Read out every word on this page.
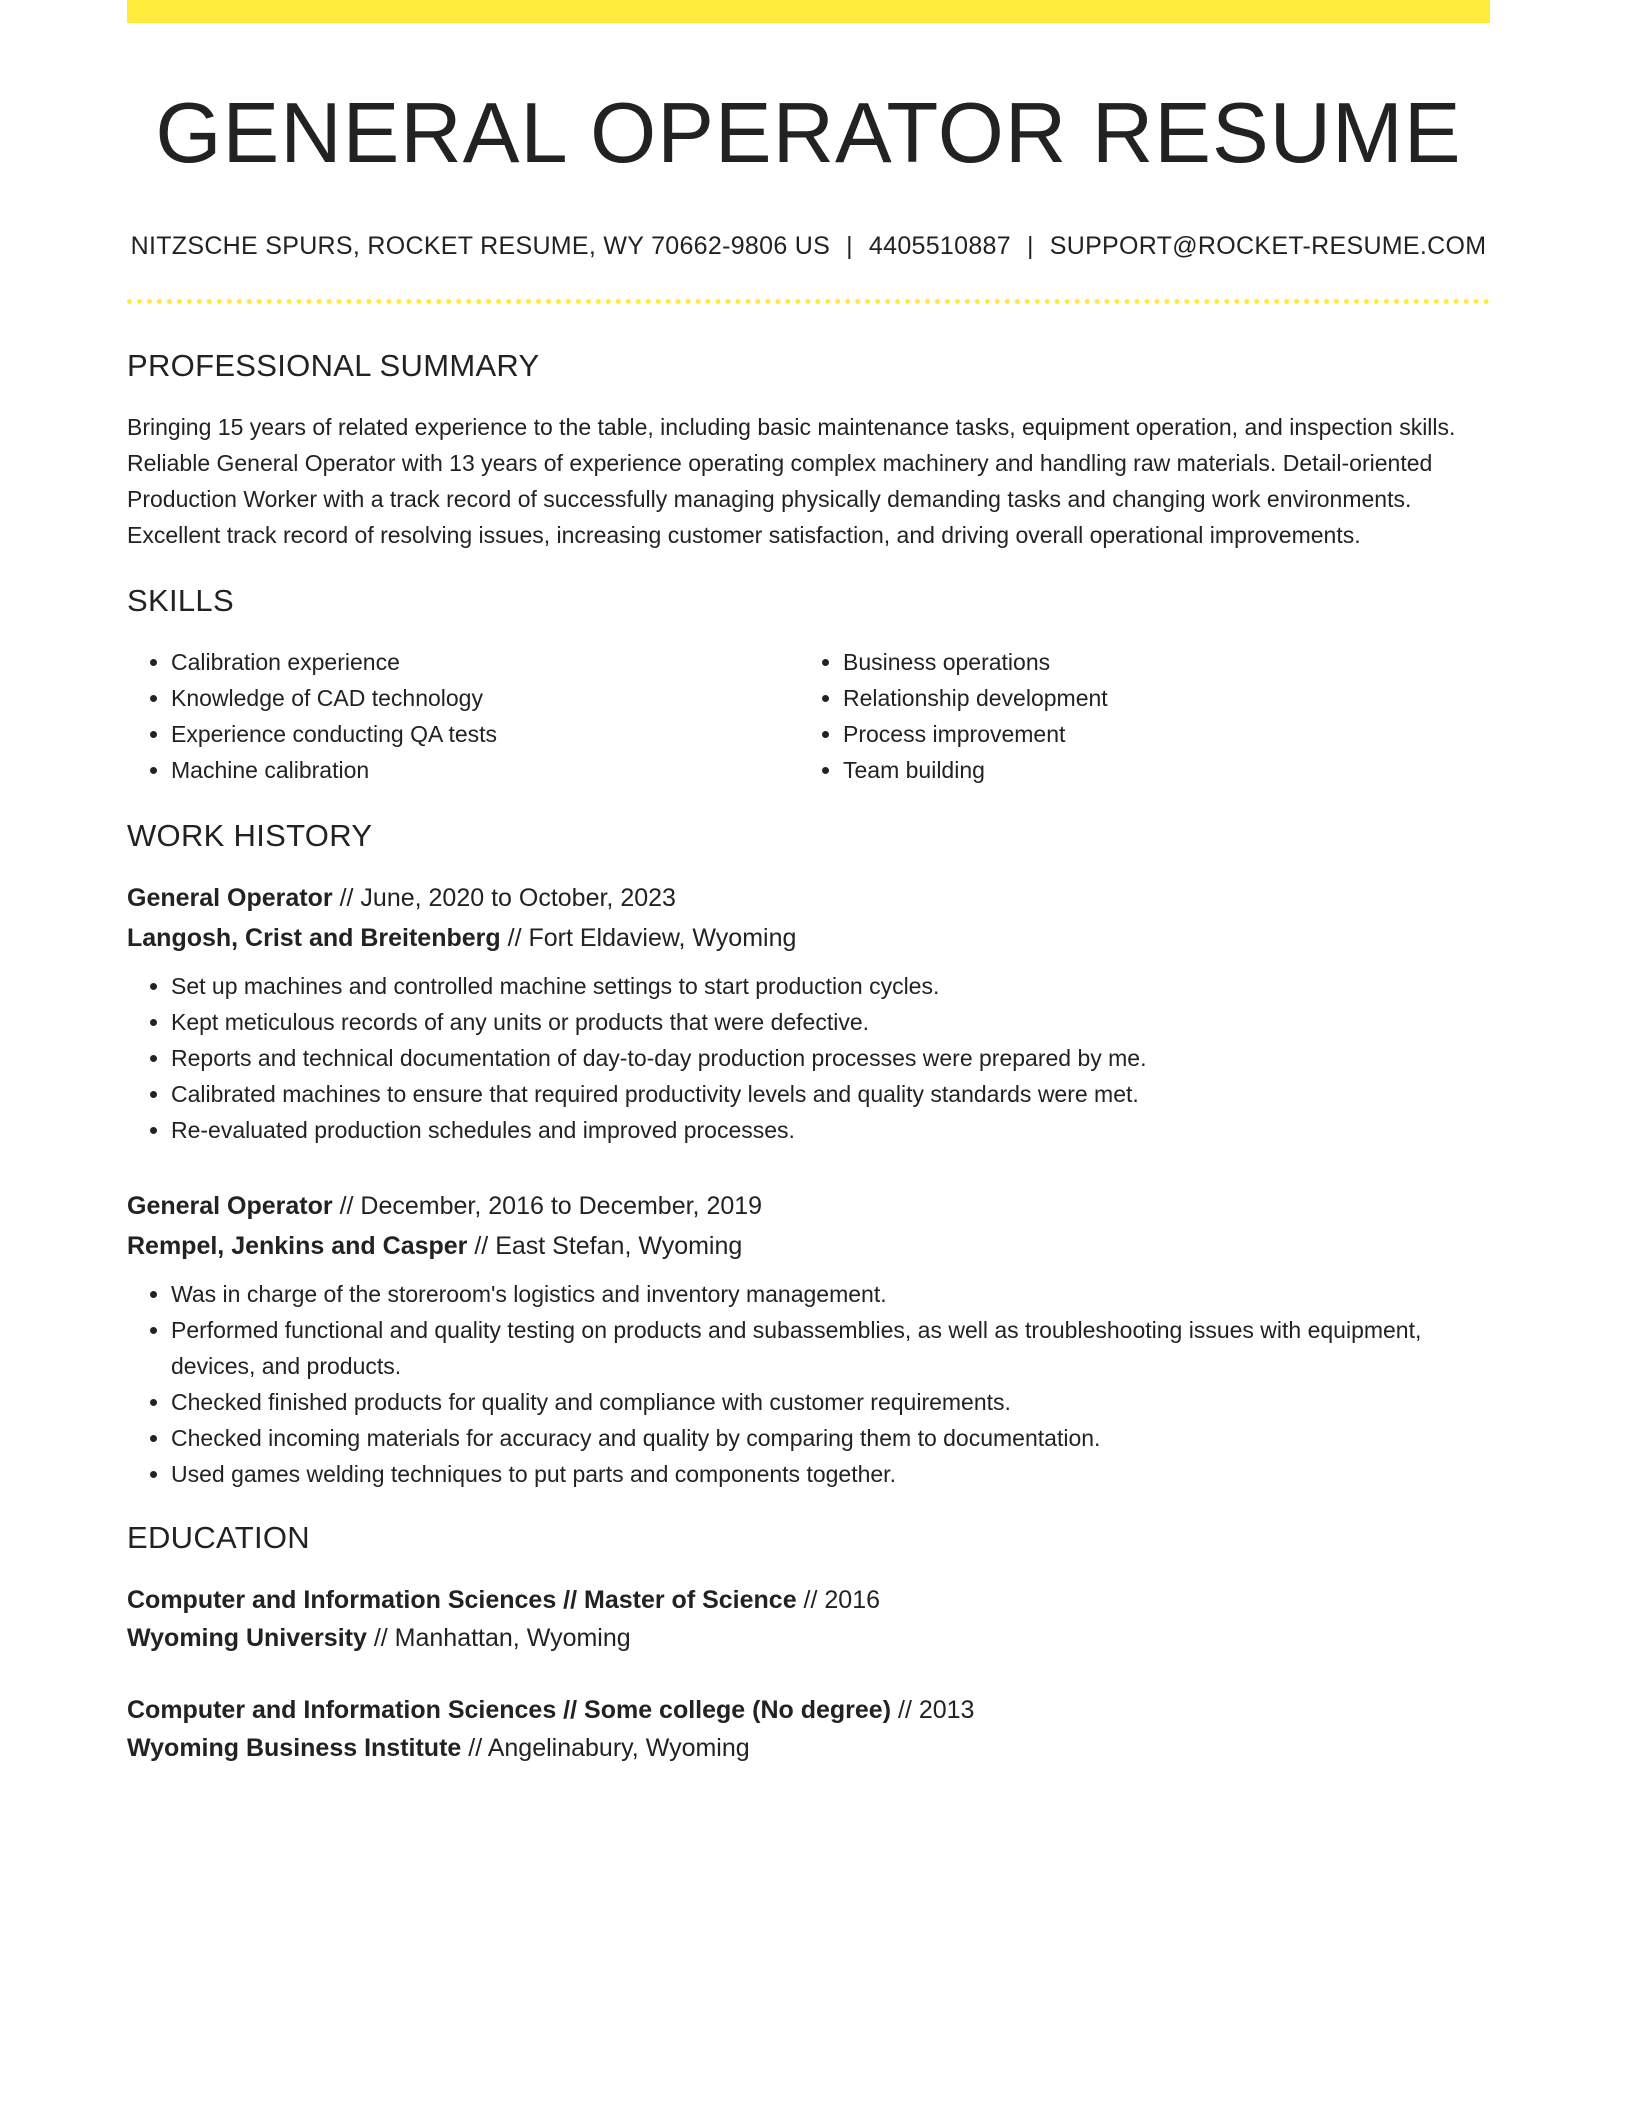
GENERAL OPERATOR RESUME
NITZSCHE SPURS, ROCKET RESUME, WY 70662-9806 US | 4405510887 | SUPPORT@ROCKET-RESUME.COM
PROFESSIONAL SUMMARY
Bringing 15 years of related experience to the table, including basic maintenance tasks, equipment operation, and inspection skills. Reliable General Operator with 13 years of experience operating complex machinery and handling raw materials. Detail-oriented Production Worker with a track record of successfully managing physically demanding tasks and changing work environments. Excellent track record of resolving issues, increasing customer satisfaction, and driving overall operational improvements.
SKILLS
• Calibration experience
• Knowledge of CAD technology
• Experience conducting QA tests
• Machine calibration
• Business operations
• Relationship development
• Process improvement
• Team building
WORK HISTORY
General Operator // June, 2020 to October, 2023
Langosh, Crist and Breitenberg // Fort Eldaview, Wyoming
• Set up machines and controlled machine settings to start production cycles.
• Kept meticulous records of any units or products that were defective.
• Reports and technical documentation of day-to-day production processes were prepared by me.
• Calibrated machines to ensure that required productivity levels and quality standards were met.
• Re-evaluated production schedules and improved processes.
General Operator // December, 2016 to December, 2019
Rempel, Jenkins and Casper // East Stefan, Wyoming
• Was in charge of the storeroom's logistics and inventory management.
• Performed functional and quality testing on products and subassemblies, as well as troubleshooting issues with equipment, devices, and products.
• Checked finished products for quality and compliance with customer requirements.
• Checked incoming materials for accuracy and quality by comparing them to documentation.
• Used games welding techniques to put parts and components together.
EDUCATION
Computer and Information Sciences // Master of Science // 2016
Wyoming University // Manhattan, Wyoming
Computer and Information Sciences // Some college (No degree) // 2013
Wyoming Business Institute // Angelinabury, Wyoming
